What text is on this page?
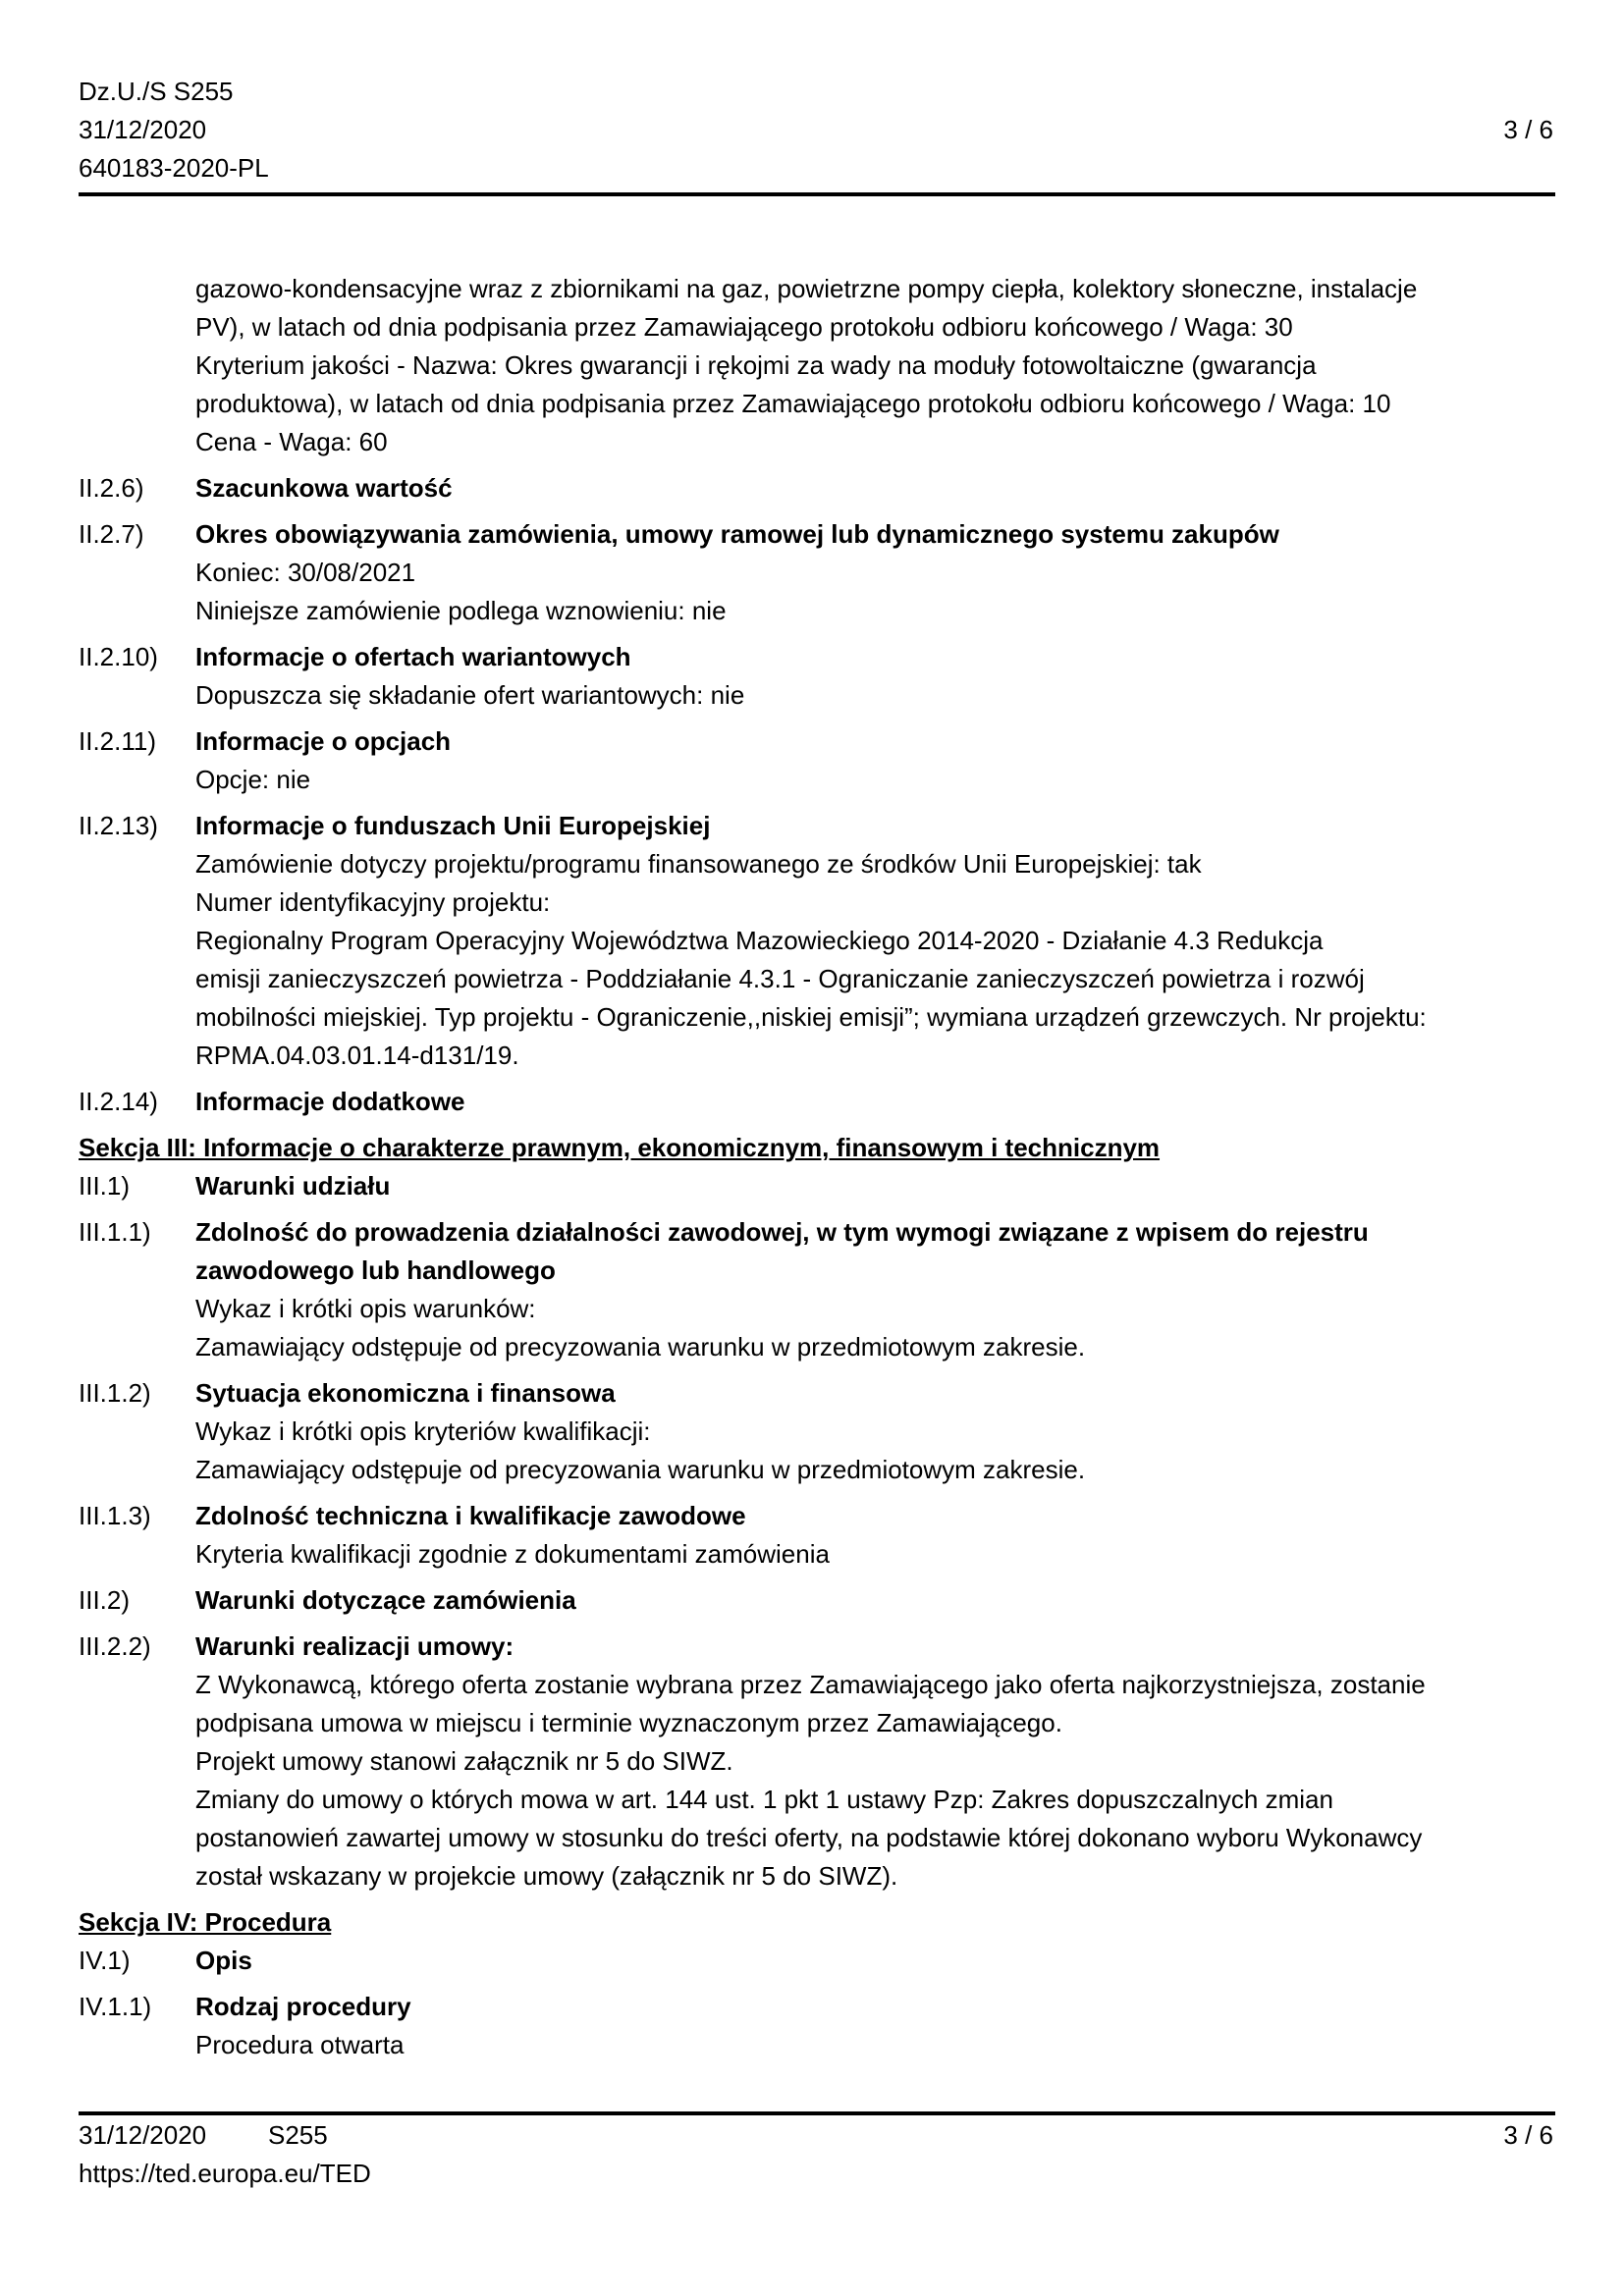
Dz.U./S S255
31/12/2020
640183-2020-PL
3 / 6
gazowo-kondensacyjne wraz z zbiornikami na gaz, powietrzne pompy ciepła, kolektory słoneczne, instalacje
PV), w latach od dnia podpisania przez Zamawiającego protokołu odbioru końcowego / Waga: 30
Kryterium jakości - Nazwa: Okres gwarancji i rękojmi za wady na moduły fotowoltaiczne (gwarancja
produktowa), w latach od dnia podpisania przez Zamawiającego protokołu odbioru końcowego / Waga: 10
Cena - Waga: 60
II.2.6)	Szacunkowa wartość
II.2.7)	Okres obowiązywania zamówienia, umowy ramowej lub dynamicznego systemu zakupów
Koniec: 30/08/2021
Niniejsze zamówienie podlega wznowieniu: nie
II.2.10)	Informacje o ofertach wariantowych
Dopuszcza się składanie ofert wariantowych: nie
II.2.11)	Informacje o opcjach
Opcje: nie
II.2.13)	Informacje o funduszach Unii Europejskiej
Zamówienie dotyczy projektu/programu finansowanego ze środków Unii Europejskiej: tak
Numer identyfikacyjny projektu:
Regionalny Program Operacyjny Województwa Mazowieckiego 2014-2020 - Działanie 4.3 Redukcja
emisji zanieczyszczeń powietrza - Poddziałanie 4.3.1 - Ograniczanie zanieczyszczeń powietrza i rozwój
mobilności miejskiej. Typ projektu - Ograniczenie,,niskiej emisji”; wymiana urządzeń grzewczych. Nr projektu:
RPMA.04.03.01.14-d131/19.
II.2.14)	Informacje dodatkowe
Sekcja III: Informacje o charakterze prawnym, ekonomicznym, finansowym i technicznym
III.1)	Warunki udziału
III.1.1)	Zdolność do prowadzenia działalności zawodowej, w tym wymogi związane z wpisem do rejestru
zawodowego lub handlowego
Wykaz i krótki opis warunków:
Zamawiający odstępuje od precyzowania warunku w przedmiotowym zakresie.
III.1.2)	Sytuacja ekonomiczna i finansowa
Wykaz i krótki opis kryteriów kwalifikacji:
Zamawiający odstępuje od precyzowania warunku w przedmiotowym zakresie.
III.1.3)	Zdolność techniczna i kwalifikacje zawodowe
Kryteria kwalifikacji zgodnie z dokumentami zamówienia
III.2)	Warunki dotyczące zamówienia
III.2.2)	Warunki realizacji umowy:
Z Wykonawcą, którego oferta zostanie wybrana przez Zamawiającego jako oferta najkorzystniejsza, zostanie
podpisana umowa w miejscu i terminie wyznaczonym przez Zamawiającego.
Projekt umowy stanowi załącznik nr 5 do SIWZ.
Zmiany do umowy o których mowa w art. 144 ust. 1 pkt 1 ustawy Pzp: Zakres dopuszczalnych zmian
postanowień zawartej umowy w stosunku do treści oferty, na podstawie której dokonano wyboru Wykonawcy
został wskazany w projekcie umowy (załącznik nr 5 do SIWZ).
Sekcja IV: Procedura
IV.1)	Opis
IV.1.1)	Rodzaj procedury
Procedura otwarta
31/12/2020	S255
https://ted.europa.eu/TED
3 / 6
